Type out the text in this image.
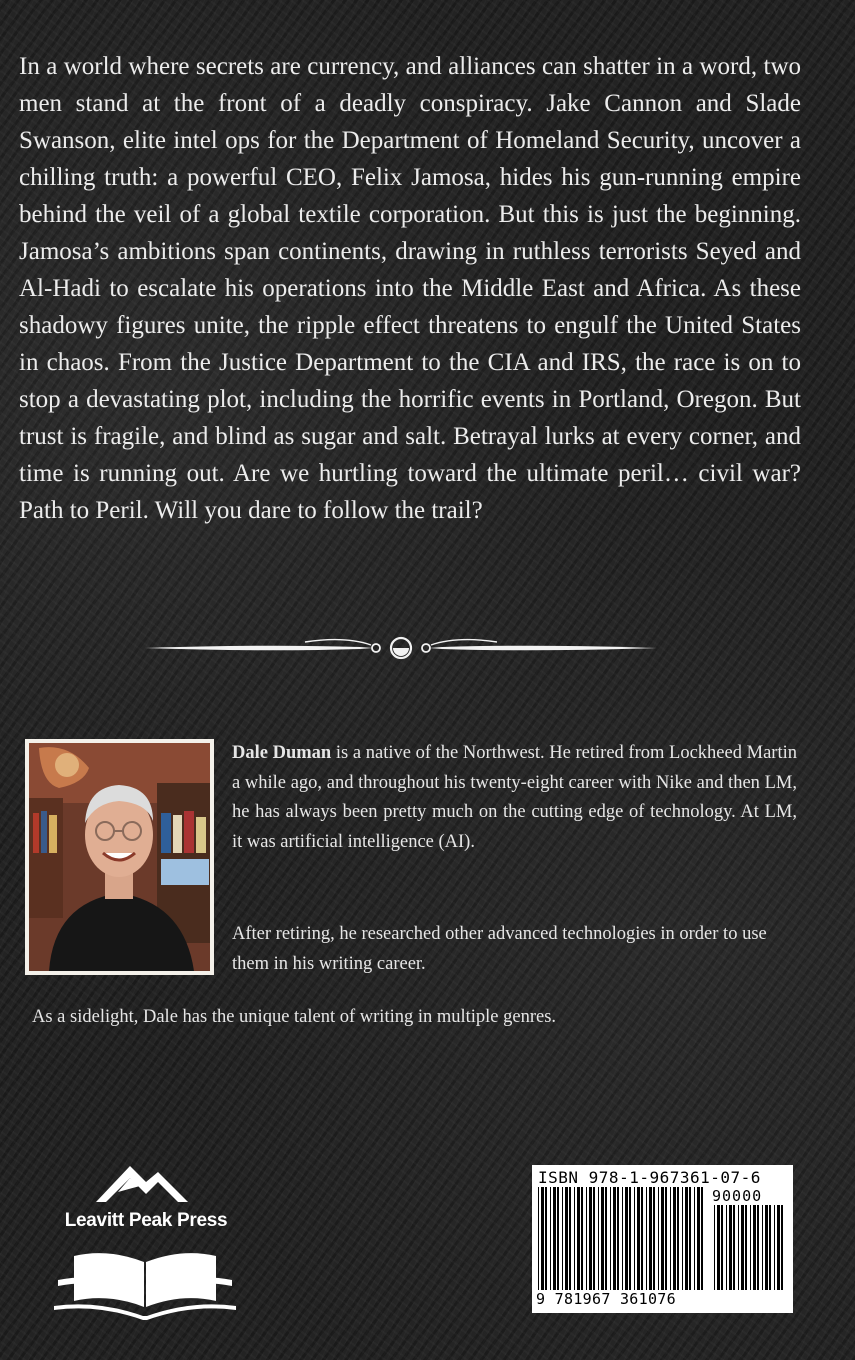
In a world where secrets are currency, and alliances can shatter in a word, two men stand at the front of a deadly conspiracy. Jake Cannon and Slade Swanson, elite intel ops for the Department of Homeland Security, uncover a chilling truth: a powerful CEO, Felix Jamosa, hides his gun-running empire behind the veil of a global textile corporation. But this is just the beginning. Jamosa’s ambitions span continents, drawing in ruthless terrorists Seyed and Al-Hadi to escalate his operations into the Middle East and Africa. As these shadowy figures unite, the ripple effect threatens to engulf the United States in chaos. From the Justice Department to the CIA and IRS, the race is on to stop a devastating plot, including the horrific events in Portland, Oregon. But trust is fragile, and blind as sugar and salt. Betrayal lurks at every corner, and time is running out. Are we hurtling toward the ultimate peril… civil war? Path to Peril. Will you dare to follow the trail?

Dale Duman is a native of the Northwest. He retired from Lockheed Martin a while ago, and throughout his twenty-eight career with Nike and then LM, he has always been pretty much on the cutting edge of technology. At LM, it was artificial intelligence (AI).

After retiring, he researched other advanced technologies in order to use them in his writing career.

As a sidelight, Dale has the unique talent of writing in multiple genres.

Leavitt Peak Press
ISBN 978-1-967361-07-6
90000
9 781967 361076
